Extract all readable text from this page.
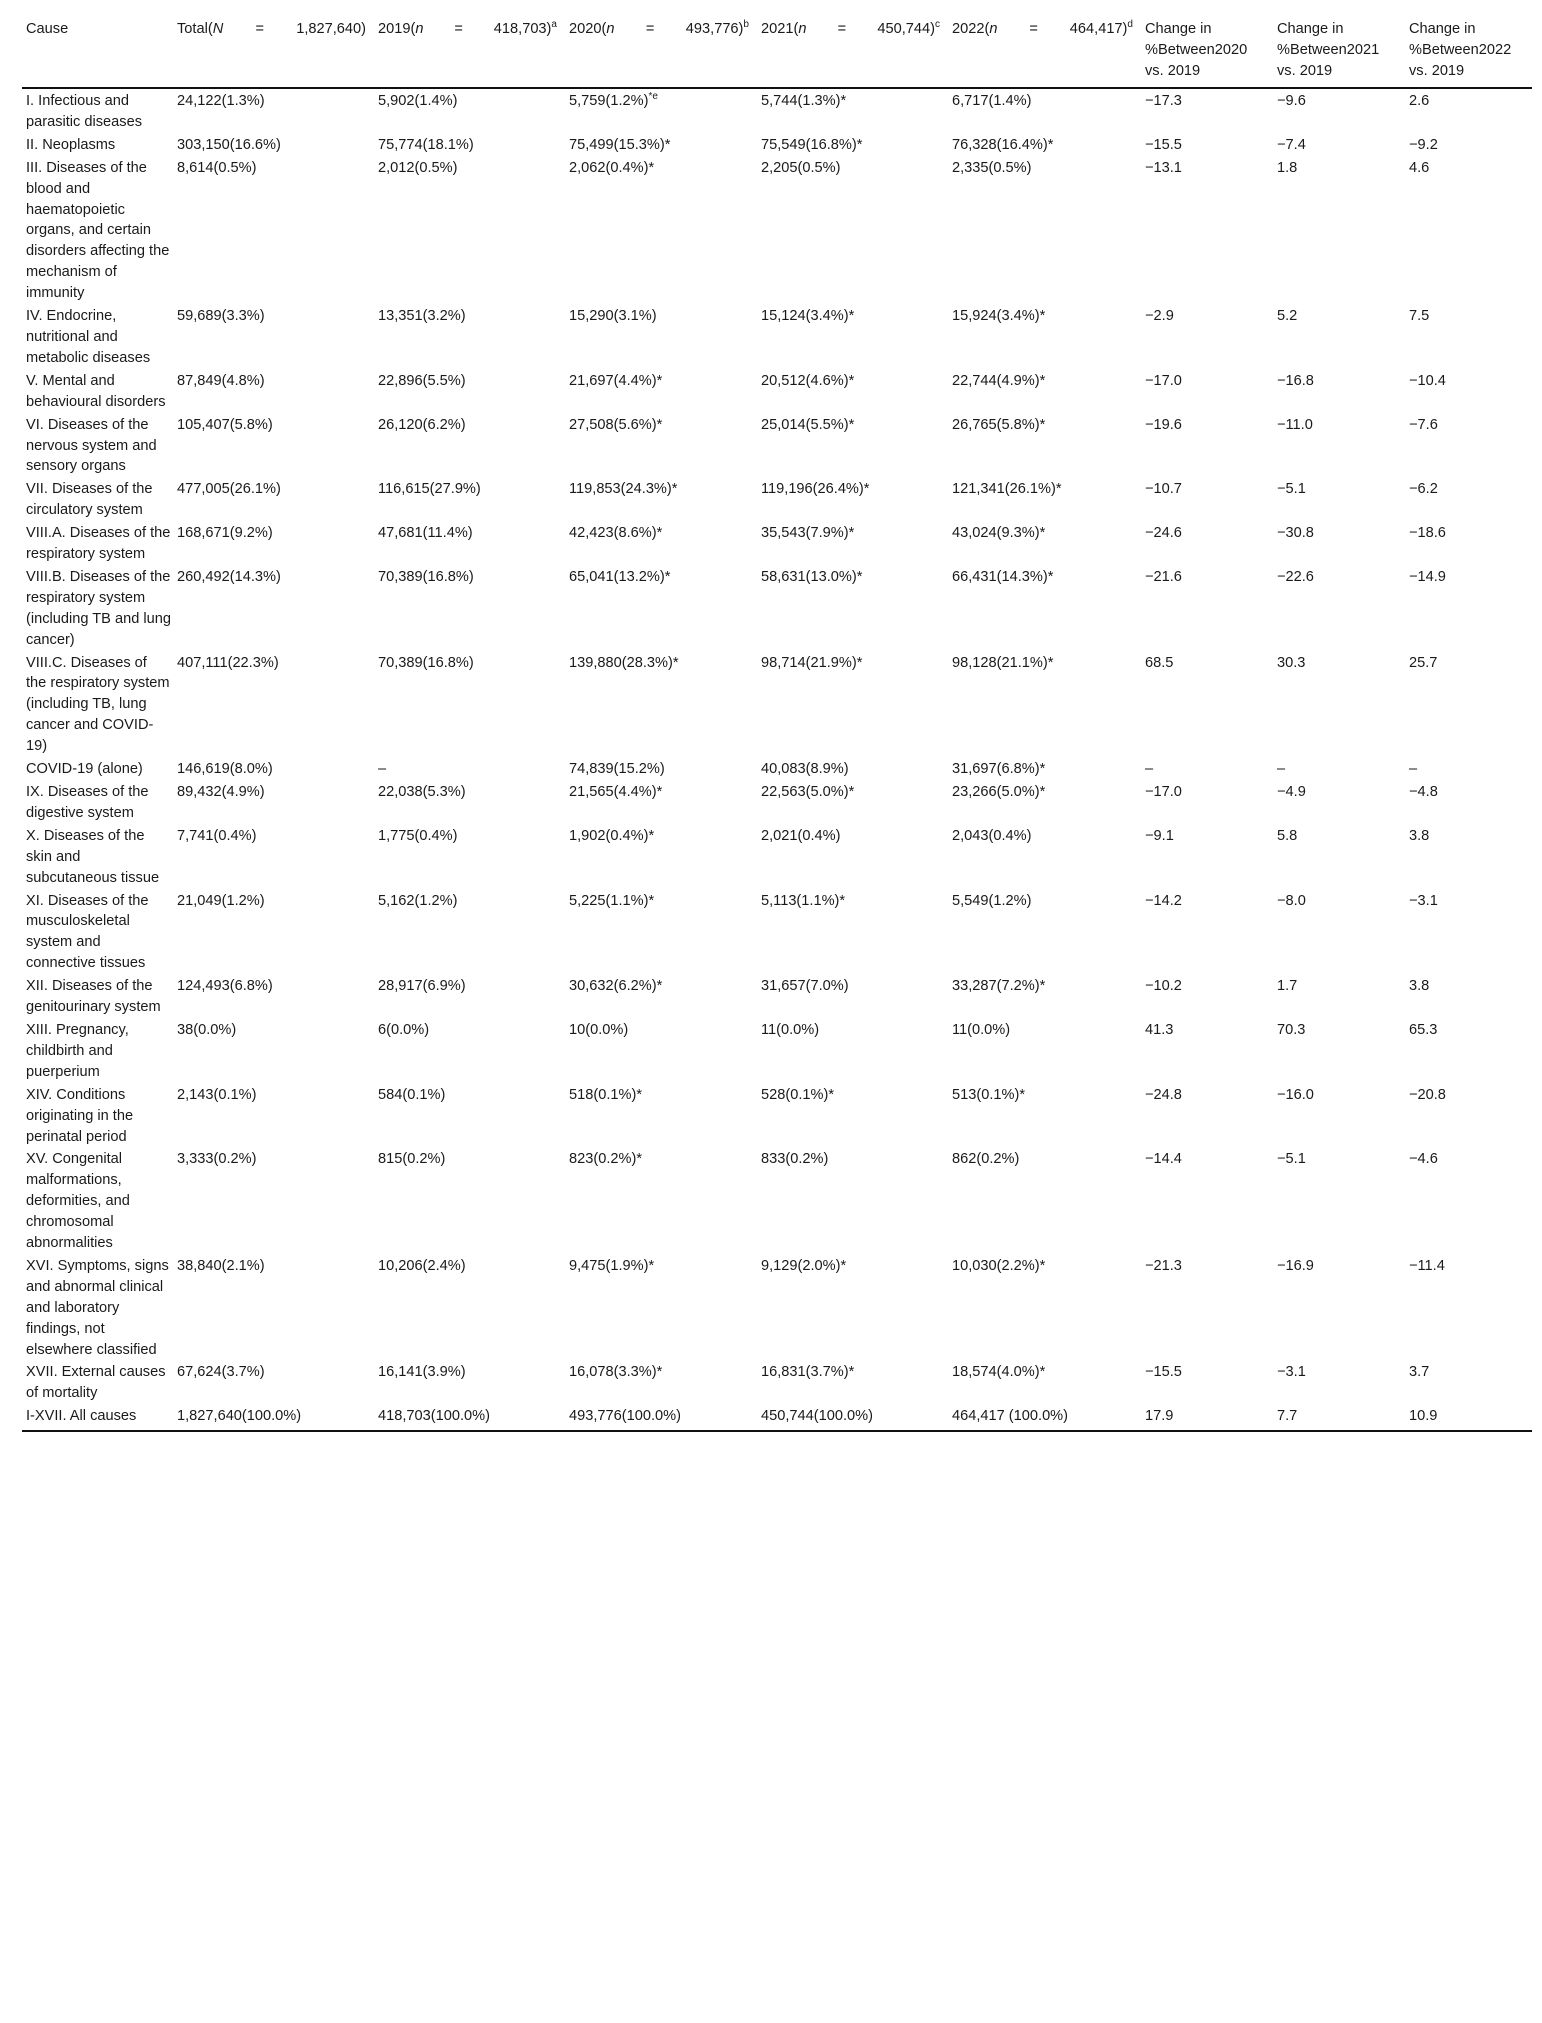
Cause	Total(N = 1,827,640)	2019(n = 418,703)$^a$	2020(n = 493,776)$^b$	2021(n = 450,744)$^c$	2022(n = 464,417)$^d$	Change in %Between2020 vs. 2019	Change in %Between2021 vs. 2019	Change in %Between2022 vs. 2019
I. Infectious and parasitic diseases	24,122(1.3%)	5,902(1.4%)	$5,759(1.2\%)^{*e}$	5,744(1.3%)*	6,717(1.4%)	−17.3	−9.6	2.6
II. Neoplasms	303,150(16.6%)	75,774(18.1%)	75,499(15.3%)*	75,549(16.8%)*	76,328(16.4%)*	−15.5	−7.4	−9.2
III. Diseases of the blood and haematopoietic organs, and certain disorders affecting the mechanism of immunity	8,614(0.5%)	2,012(0.5%)	2,062(0.4%)*	2,205(0.5%)	2,335(0.5%)	−13.1	1.8	4.6
IV. Endocrine, nutritional and metabolic diseases	59,689(3.3%)	13,351(3.2%)	15,290(3.1%)	15,124(3.4%)*	15,924(3.4%)*	−2.9	5.2	7.5
V. Mental and behavioural disorders	87,849(4.8%)	22,896(5.5%)	21,697(4.4%)*	20,512(4.6%)*	22,744(4.9%)*	−17.0	−16.8	−10.4
VI. Diseases of the nervous system and sensory organs	105,407(5.8%)	26,120(6.2%)	27,508(5.6%)*	25,014(5.5%)*	26,765(5.8%)*	−19.6	−11.0	−7.6
VII. Diseases of the circulatory system	477,005(26.1%)	116,615(27.9%)	119,853(24.3%)*	119,196(26.4%)*	121,341(26.1%)*	−10.7	−5.1	−6.2
VIII.A. Diseases of the respiratory system	168,671(9.2%)	47,681(11.4%)	42,423(8.6%)*	35,543(7.9%)*	43,024(9.3%)*	−24.6	−30.8	−18.6
VIII.B. Diseases of the respiratory system (including TB and lung cancer)	260,492(14.3%)	70,389(16.8%)	65,041(13.2%)*	58,631(13.0%)*	66,431(14.3%)*	−21.6	−22.6	−14.9
VIII.C. Diseases of the respiratory system (including TB, lung cancer and COVID-19)	407,111(22.3%)	70,389(16.8%)	139,880(28.3%)*	98,714(21.9%)*	98,128(21.1%)*	68.5	30.3	25.7
COVID-19 (alone)	146,619(8.0%)	–	74,839(15.2%)	40,083(8.9%)	31,697(6.8%)*	–	–	–
IX. Diseases of the digestive system	89,432(4.9%)	22,038(5.3%)	21,565(4.4%)*	22,563(5.0%)*	23,266(5.0%)*	−17.0	−4.9	−4.8
X. Diseases of the skin and subcutaneous tissue	7,741(0.4%)	1,775(0.4%)	1,902(0.4%)*	2,021(0.4%)	2,043(0.4%)	−9.1	5.8	3.8
XI. Diseases of the musculoskeletal system and connective tissues	21,049(1.2%)	5,162(1.2%)	5,225(1.1%)*	5,113(1.1%)*	5,549(1.2%)	−14.2	−8.0	−3.1
XII. Diseases of the genitourinary system	124,493(6.8%)	28,917(6.9%)	30,632(6.2%)*	31,657(7.0%)	33,287(7.2%)*	−10.2	1.7	3.8
XIII. Pregnancy, childbirth and puerperium	38(0.0%)	6(0.0%)	10(0.0%)	11(0.0%)	11(0.0%)	41.3	70.3	65.3
XIV. Conditions originating in the perinatal period	2,143(0.1%)	584(0.1%)	518(0.1%)*	528(0.1%)*	513(0.1%)*	−24.8	−16.0	−20.8
XV. Congenital malformations, deformities, and chromosomal abnormalities	3,333(0.2%)	815(0.2%)	823(0.2%)*	833(0.2%)	862(0.2%)	−14.4	−5.1	−4.6
XVI. Symptoms, signs and abnormal clinical and laboratory findings, not elsewhere classified	38,840(2.1%)	10,206(2.4%)	9,475(1.9%)*	9,129(2.0%)*	10,030(2.2%)*	−21.3	−16.9	−11.4
XVII. External causes of mortality	67,624(3.7%)	16,141(3.9%)	16,078(3.3%)*	16,831(3.7%)*	18,574(4.0%)*	−15.5	−3.1	3.7
I-XVII. All causes	1,827,640(100.0%)	418,703(100.0%)	493,776(100.0%)	450,744(100.0%)	464,417 (100.0%)	17.9	7.7	10.9
